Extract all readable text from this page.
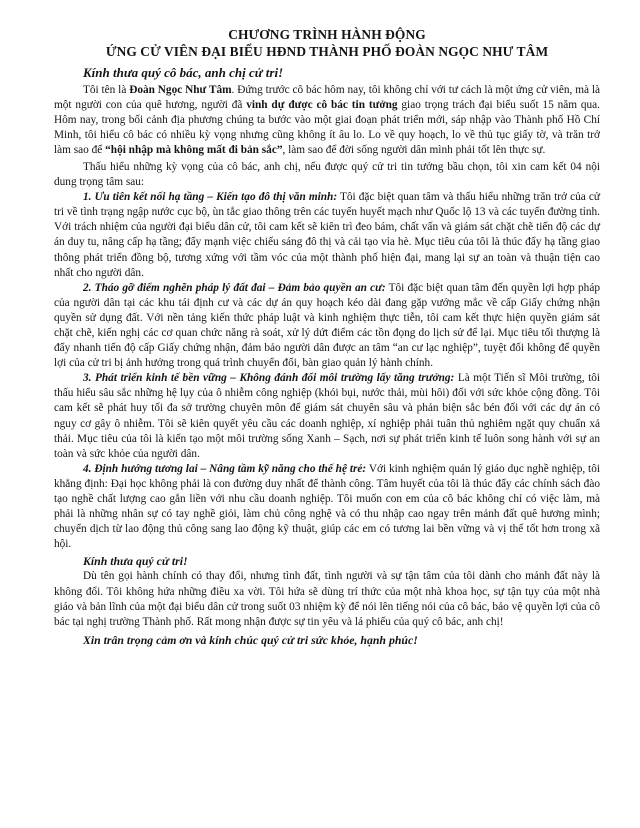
CHƯƠNG TRÌNH HÀNH ĐỘNG
ỨNG CỬ VIÊN ĐẠI BIỂU HĐND THÀNH PHỐ ĐOÀN NGỌC NHƯ TÂM
Kính thưa quý cô bác, anh chị cử tri!

Tôi tên là Đoàn Ngọc Như Tâm. Đứng trước cô bác hôm nay, tôi không chỉ với tư cách là một ứng cử viên, mà là một người con của quê hương, người đã vinh dự được cô bác tin tưởng giao trọng trách đại biểu suốt 15 năm qua. Hôm nay, trong bối cảnh địa phương chúng ta bước vào một giai đoạn phát triển mới, sáp nhập vào Thành phố Hồ Chí Minh, tôi hiểu cô bác có nhiều kỳ vọng nhưng cũng không ít âu lo. Lo về quy hoạch, lo về thủ tục giấy tờ, và trăn trở làm sao để “hội nhập mà không mất đi bản sắc”, làm sao để đời sống người dân mình phải tốt lên thực sự.

Thấu hiểu những kỳ vọng của cô bác, anh chị, nếu được quý cử tri tin tưởng bầu chọn, tôi xin cam kết 04 nội dung trọng tâm sau:

1. Ưu tiên kết nối hạ tầng – Kiến tạo đô thị văn minh: Tôi đặc biệt quan tâm và thấu hiểu những trăn trở của cử tri về tình trạng ngập nước cục bộ, ùn tắc giao thông trên các tuyến huyết mạch như Quốc lộ 13 và các tuyến đường tỉnh. Với trách nhiệm của người đại biểu dân cử, tôi cam kết sẽ kiên trì đeo bám, chất vấn và giám sát chặt chẽ tiến độ các dự án duy tu, nâng cấp hạ tầng; đẩy mạnh việc chiếu sáng đô thị và cải tạo vỉa hè. Mục tiêu của tôi là thúc đẩy hạ tầng giao thông phát triển đồng bộ, tương xứng với tầm vóc của một thành phố hiện đại, mang lại sự an toàn và thuận tiện cao nhất cho người dân.

2. Tháo gỡ điểm nghẽn pháp lý đất đai – Đảm bảo quyền an cư: Tôi đặc biệt quan tâm đến quyền lợi hợp pháp của người dân tại các khu tái định cư và các dự án quy hoạch kéo dài đang gặp vướng mắc về cấp Giấy chứng nhận quyền sử dụng đất. Với nền tảng kiến thức pháp luật và kinh nghiệm thực tiễn, tôi cam kết thực hiện quyền giám sát chặt chẽ, kiến nghị các cơ quan chức năng rà soát, xử lý dứt điểm các tồn đọng do lịch sử để lại. Mục tiêu tối thượng là đẩy nhanh tiến độ cấp Giấy chứng nhận, đảm bảo người dân được an tâm “an cư lạc nghiệp”, tuyệt đối không để quyền lợi của cử tri bị ảnh hưởng trong quá trình chuyển đổi, bàn giao quản lý hành chính.

3. Phát triển kinh tế bền vững – Không đánh đổi môi trường lấy tăng trưởng: Là một Tiến sĩ Môi trường, tôi thấu hiểu sâu sắc những hệ lụy của ô nhiễm công nghiệp (khói bụi, nước thải, mùi hôi) đối với sức khỏe cộng đồng. Tôi cam kết sẽ phát huy tối đa sở trường chuyên môn để giám sát chuyên sâu và phản biện sắc bén đối với các dự án có nguy cơ gây ô nhiễm. Tôi sẽ kiên quyết yêu cầu các doanh nghiệp, xí nghiệp phải tuân thủ nghiêm ngặt quy chuẩn xả thải. Mục tiêu của tôi là kiến tạo một môi trường sống Xanh – Sạch, nơi sự phát triển kinh tế luôn song hành với sự an toàn và sức khỏe của người dân.

4. Định hướng tương lai – Nâng tầm kỹ năng cho thế hệ trẻ: Với kinh nghiệm quản lý giáo dục nghề nghiệp, tôi khẳng định: Đại học không phải là con đường duy nhất để thành công. Tâm huyết của tôi là thúc đẩy các chính sách đào tạo nghề chất lượng cao gắn liền với nhu cầu doanh nghiệp. Tôi muốn con em của cô bác không chỉ có việc làm, mà phải là những nhân sự có tay nghề giỏi, làm chủ công nghệ và có thu nhập cao ngay trên mảnh đất quê hương mình; chuyển dịch từ lao động thủ công sang lao động kỹ thuật, giúp các em có tương lai bền vững và vị thế tốt hơn trong xã hội.

Kính thưa quý cử tri!

Dù tên gọi hành chính có thay đổi, nhưng tình đất, tình người và sự tận tâm của tôi dành cho mảnh đất này là không đổi. Tôi không hứa những điều xa vời. Tôi hứa sẽ dùng trí thức của một nhà khoa học, sự tận tụy của một nhà giáo và bản lĩnh của một đại biểu dân cử trong suốt 03 nhiệm kỳ để nói lên tiếng nói của cô bác, bảo vệ quyền lợi của cô bác tại nghị trường Thành phố. Rất mong nhận được sự tin yêu và lá phiếu của quý cô bác, anh chị!

Xin trân trọng cảm ơn và kính chúc quý cử tri sức khỏe, hạnh phúc!
